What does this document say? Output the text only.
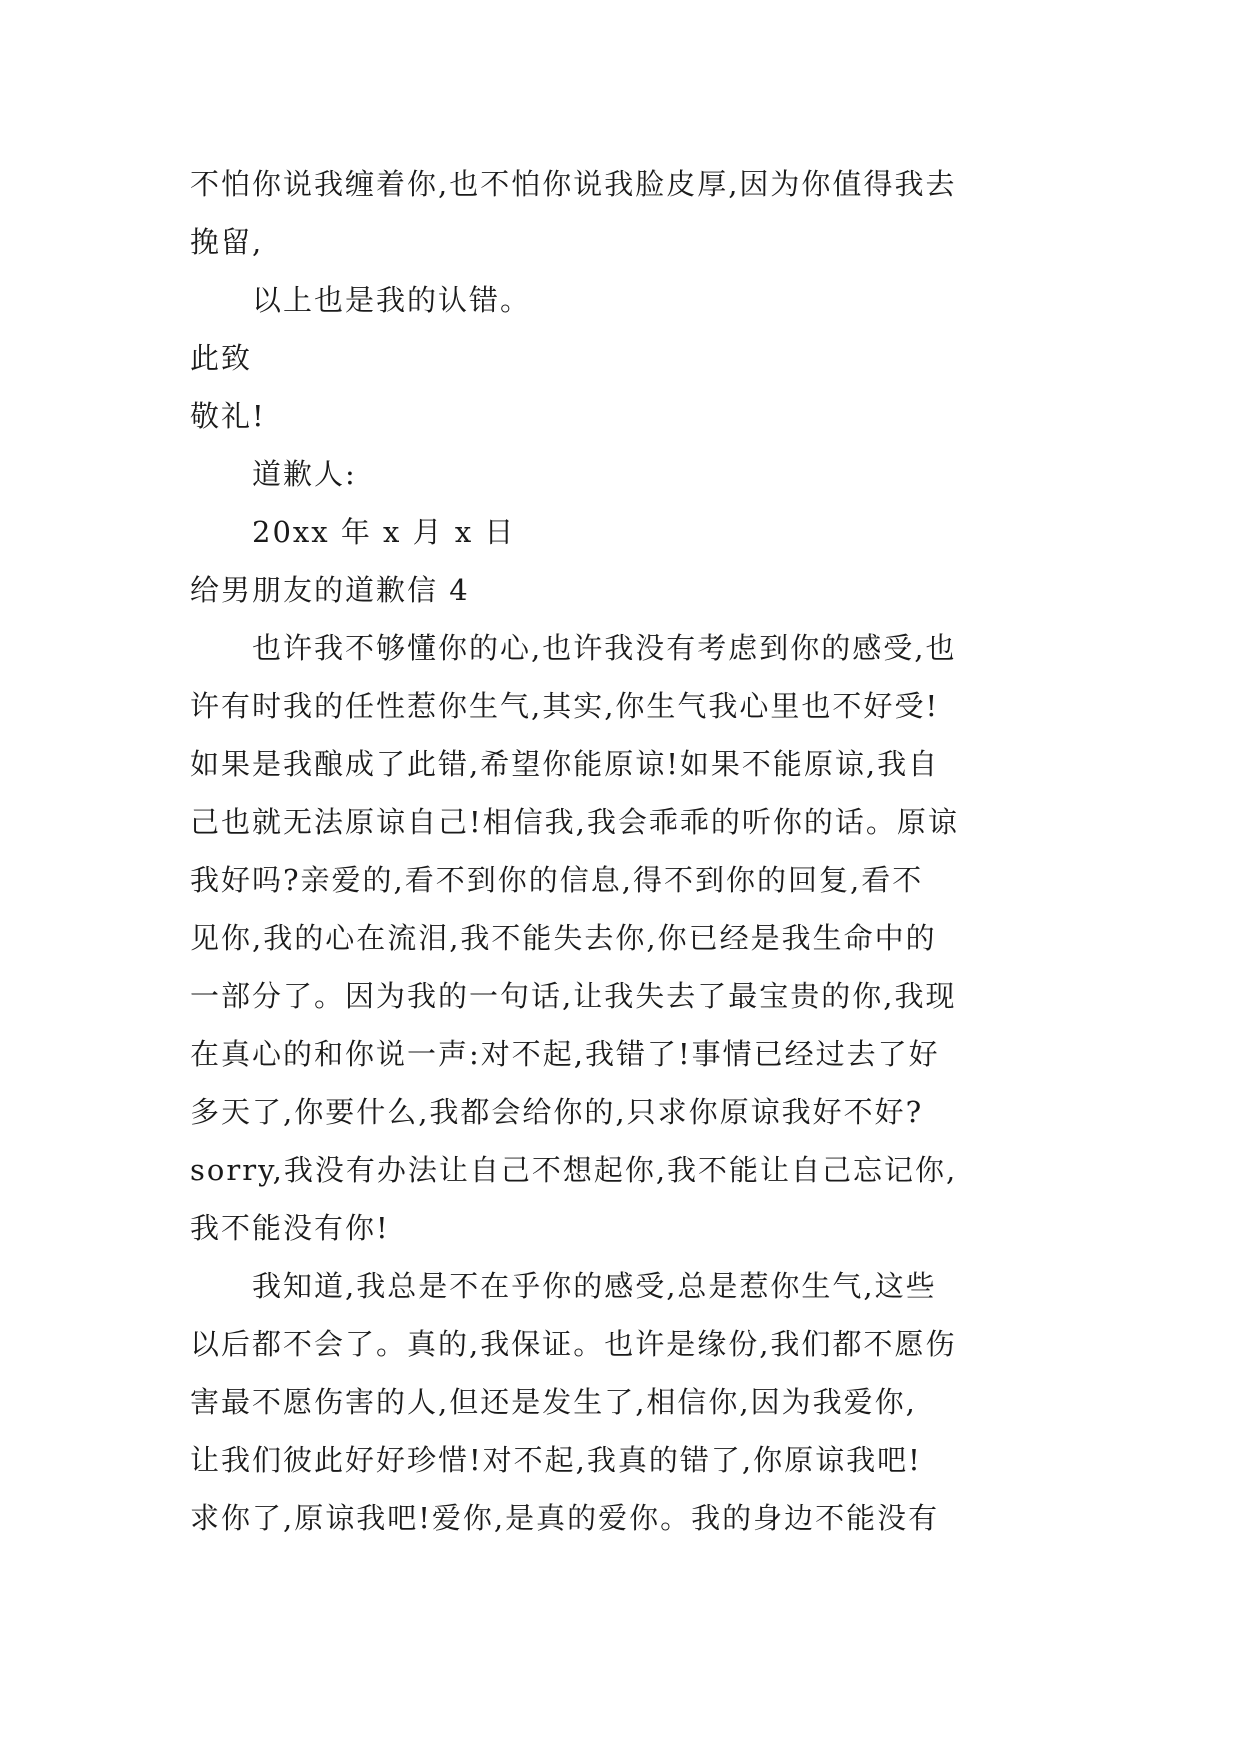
不怕你说我缠着你,也不怕你说我脸皮厚,因为你值得我去
挽留,
以上也是我的认错。
此致
敬礼!
道歉人:
20xx 年 x 月 x 日
给男朋友的道歉信 4
也许我不够懂你的心,也许我没有考虑到你的感受,也
许有时我的任性惹你生气,其实,你生气我心里也不好受!
如果是我酿成了此错,希望你能原谅!如果不能原谅,我自
己也就无法原谅自己!相信我,我会乖乖的听你的话。原谅
我好吗?亲爱的,看不到你的信息,得不到你的回复,看不
见你,我的心在流泪,我不能失去你,你已经是我生命中的
一部分了。因为我的一句话,让我失去了最宝贵的你,我现
在真心的和你说一声:对不起,我错了!事情已经过去了好
多天了,你要什么,我都会给你的,只求你原谅我好不好?
sorry,我没有办法让自己不想起你,我不能让自己忘记你,
我不能没有你!
我知道,我总是不在乎你的感受,总是惹你生气,这些
以后都不会了。真的,我保证。也许是缘份,我们都不愿伤
害最不愿伤害的人,但还是发生了,相信你,因为我爱你,
让我们彼此好好珍惜!对不起,我真的错了,你原谅我吧!
求你了,原谅我吧!爱你,是真的爱你。我的身边不能没有
